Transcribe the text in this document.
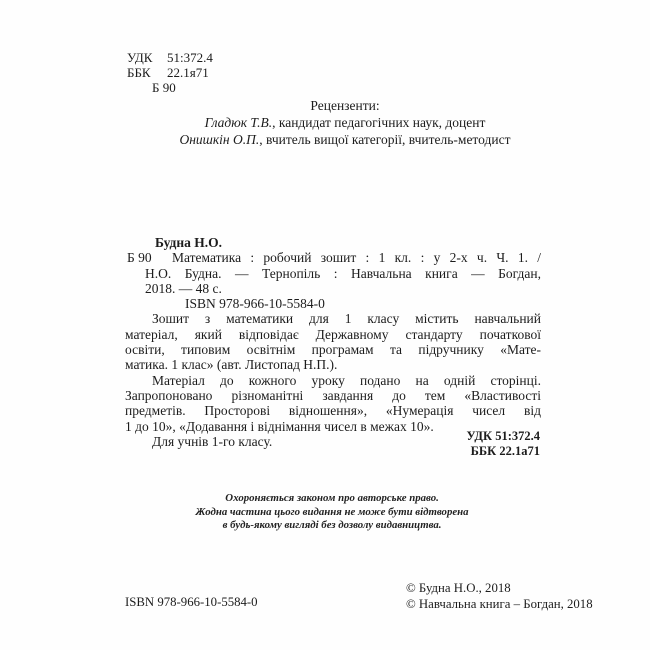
УДК 51:372.4
ББК 22.1я71
Б 90
Рецензенти:
Гладюк Т.В., кандидат педагогічних наук, доцент
Онишкін О.П., вчитель вищої категорії, вчитель-методист
Будна Н.О.
Б 90	Математика : робочий зошит : 1 кл. : у 2-х ч. Ч. 1. /
Н.О. Будна. — Тернопіль : Навчальна книга — Богдан,
2018. — 48 с.
ISBN 978-966-10-5584-0
Зошит з математики для 1 класу містить навчальний
матеріал, який відповідає Державному стандарту початкової
освіти, типовим освітнім програмам та підручнику «Мате-
матика. 1 клас» (авт. Листопад Н.П.).
Матеріал до кожного уроку подано на одній сторінці.
Запропоновано різноманітні завдання до тем «Властивості
предметів. Просторові відношення», «Нумерація чисел від
1 до 10», «Додавання і віднімання чисел в межах 10».
Для учнів 1-го класу.	УДК 51:372.4
ББК 22.1а71
Охороняється законом про авторське право.
Жодна частина цього видання не може бути відтворена
в будь-якому вигляді без дозволу видавництва.
ISBN 978-966-10-5584-0
© Будна Н.О., 2018
© Навчальна книга – Богдан, 2018
